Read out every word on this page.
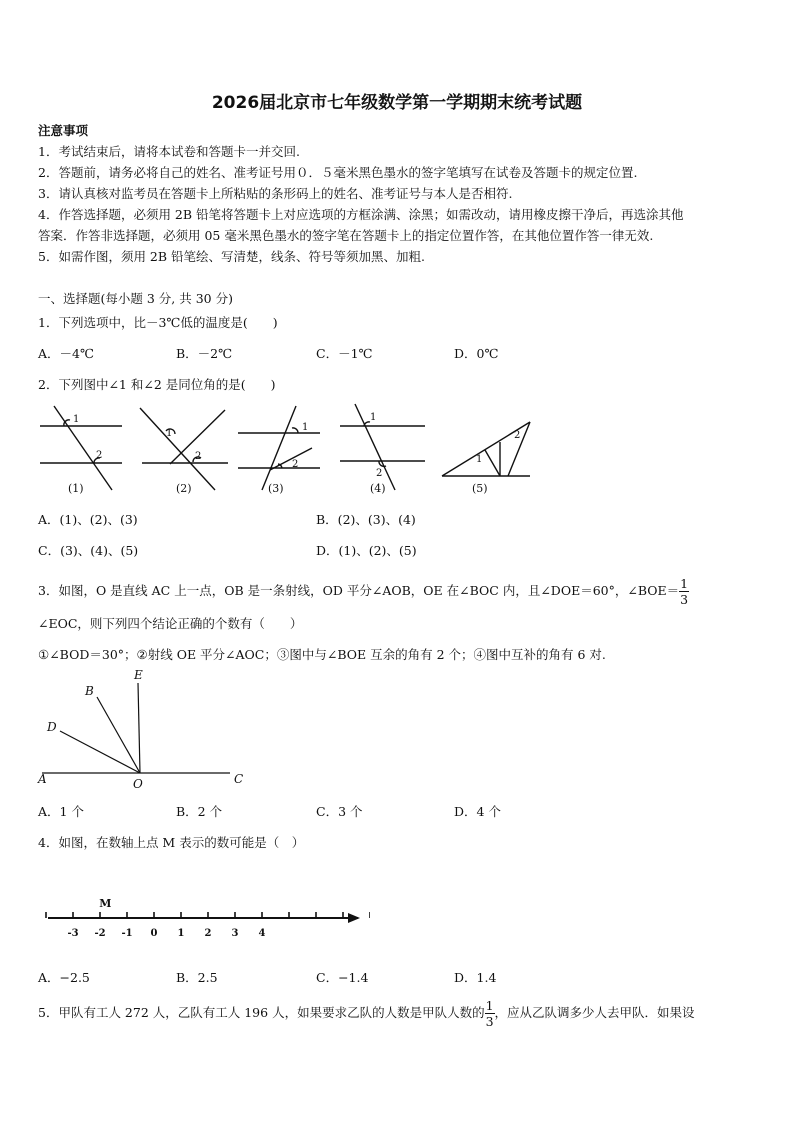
2026届北京市七年级数学第一学期期末统考试题
注意事项
1．考试结束后，请将本试卷和答题卡一并交回.
2．答题前，请务必将自己的姓名、准考证号用０．５毫米黑色墨水的签字笔填写在试卷及答题卡的规定位置.
3．请认真核对监考员在答题卡上所粘贴的条形码上的姓名、准考证号与本人是否相符.
4．作答选择题，必须用 2B 铅笔将答题卡上对应选项的方框涂满、涂黑；如需改动，请用橡皮擦干净后，再选涂其他
答案．作答非选择题，必须用 05 毫米黑色墨水的签字笔在答题卡上的指定位置作答，在其他位置作答一律无效.
5．如需作图，须用 2B 铅笔绘、写清楚，线条、符号等须加黑、加粗.
一、选择题(每小题 3 分, 共 30 分)
1．下列选项中，比－3℃低的温度是(　　)
A．－4℃	B．－2℃	C．－1℃	D．0℃
2．下列图中∠1 和∠2 是同位角的是(　　)
1
2
1
2
1
2
1
2
1
2
(1)	(2)	(3)	(4)	(5)
A．(1)、(2)、(3)	B．(2)、(3)、(4)
C．(3)、(4)、(5)	D．(1)、(2)、(5)
3．如图，O 是直线 AC 上一点，OB 是一条射线，OD 平分∠AOB，OE 在∠BOC 内，且∠DOE＝60°，∠BOE＝ $\frac{1}{3}$
∠EOC，则下列四个结论正确的个数有（　　）
①∠BOD＝30°；②射线 OE 平分∠AOC；③图中与∠BOE 互余的角有 2 个；④图中互补的角有 6 对.
A
B
C
D
E
O
A．1 个	B．2 个	C．3 个	D．4 个
4．如图，在数轴上点 M 表示的数可能是（　）
-3 -2 -1 0 1 2 3 4
M
A．−2.5	B．2.5	C．−1.4	D．1.4
5．甲队有工人 272 人，乙队有工人 196 人，如果要求乙队的人数是甲队人数的 $\frac{1}{3}$ ，应从乙队调多少人去甲队．如果设
